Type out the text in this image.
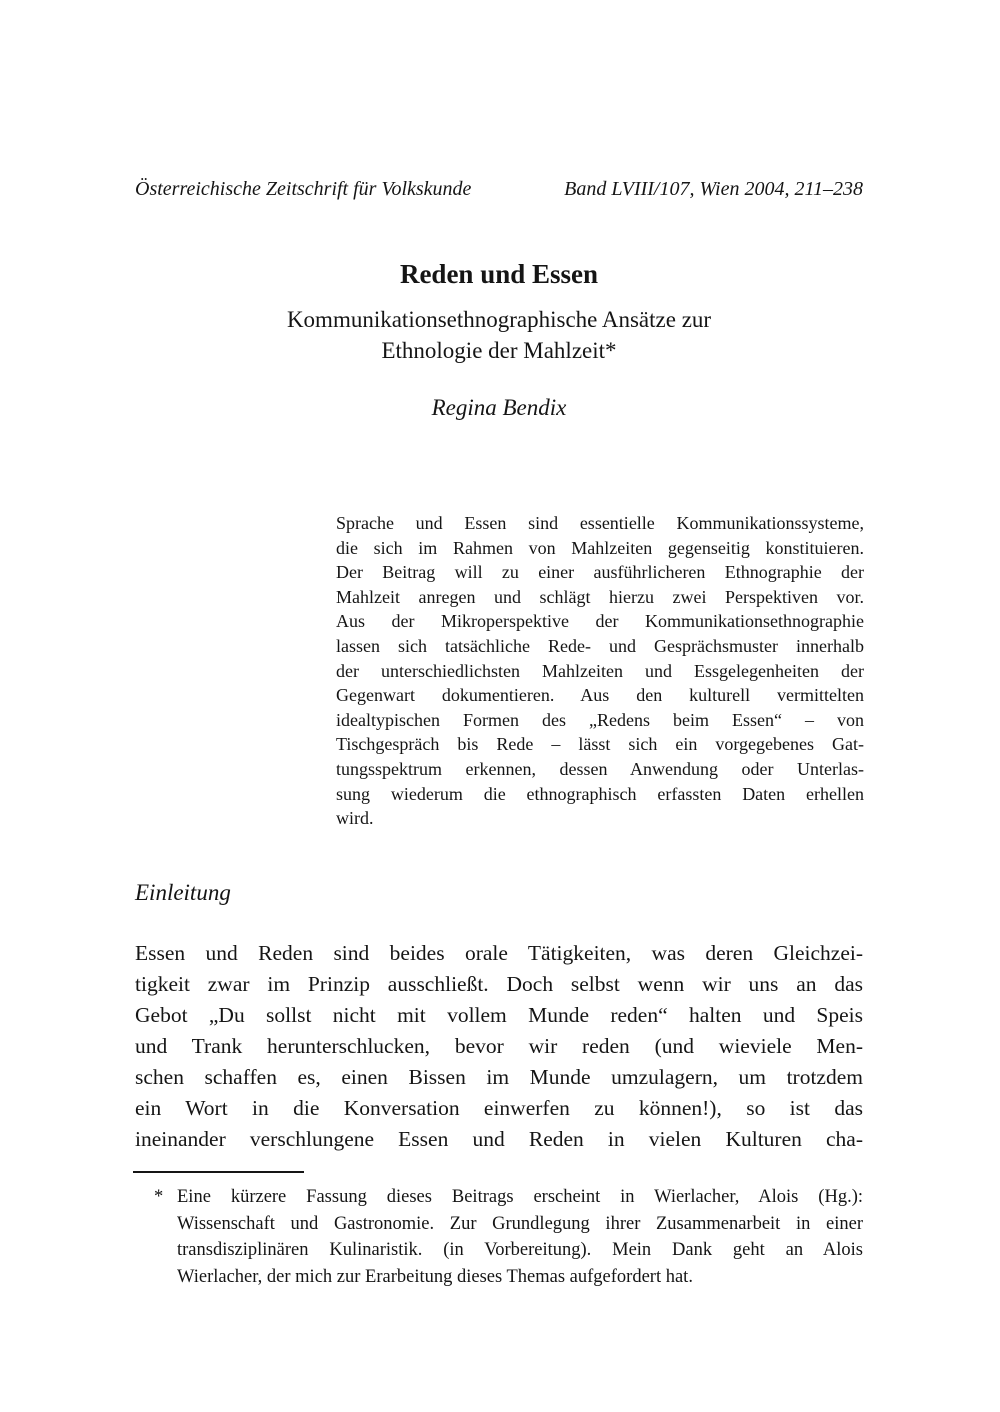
Österreichische Zeitschrift für Volkskunde	Band LVIII/107, Wien 2004, 211–238
Reden und Essen
Kommunikationsethnographische Ansätze zur
Ethnologie der Mahlzeit*
Regina Bendix
Sprache und Essen sind essentielle Kommunikationssysteme,
die sich im Rahmen von Mahlzeiten gegenseitig konstituieren.
Der Beitrag will zu einer ausführlicheren Ethnographie der
Mahlzeit anregen und schlägt hierzu zwei Perspektiven vor.
Aus der Mikroperspektive der Kommunikationsethnographie
lassen sich tatsächliche Rede- und Gesprächsmuster innerhalb
der unterschiedlichsten Mahlzeiten und Essgelegenheiten der
Gegenwart dokumentieren. Aus den kulturell vermittelten
idealtypischen Formen des „Redens beim Essen“ – von
Tischgespräch bis Rede – lässt sich ein vorgegebenes Gat-
tungsspektrum erkennen, dessen Anwendung oder Unterlas-
sung wiederum die ethnographisch erfassten Daten erhellen
wird.
Einleitung
Essen und Reden sind beides orale Tätigkeiten, was deren Gleichzei-
tigkeit zwar im Prinzip ausschließt. Doch selbst wenn wir uns an das
Gebot „Du sollst nicht mit vollem Munde reden“ halten und Speis
und Trank herunterschlucken, bevor wir reden (und wieviele Men-
schen schaffen es, einen Bissen im Munde umzulagern, um trotzdem
ein Wort in die Konversation einwerfen zu können!), so ist das
ineinander verschlungene Essen und Reden in vielen Kulturen cha-
* Eine kürzere Fassung dieses Beitrags erscheint in Wierlacher, Alois (Hg.):
Wissenschaft und Gastronomie. Zur Grundlegung ihrer Zusammenarbeit in einer
transdisziplinären Kulinaristik. (in Vorbereitung). Mein Dank geht an Alois
Wierlacher, der mich zur Erarbeitung dieses Themas aufgefordert hat.
